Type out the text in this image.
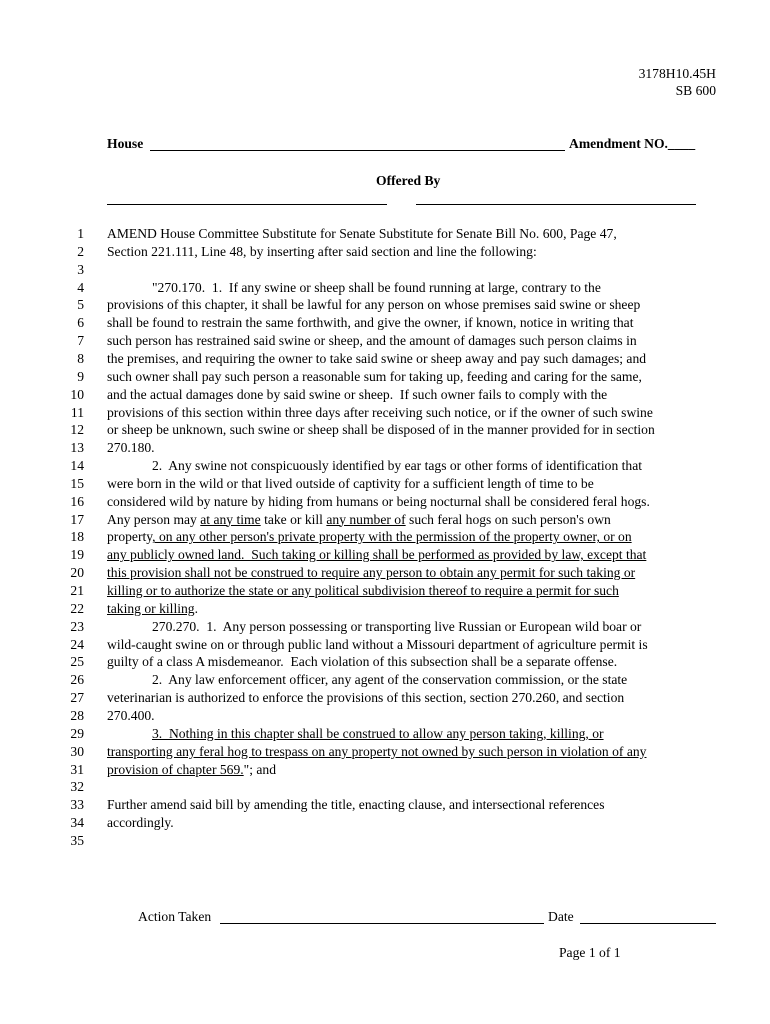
3178H10.45H
SB 600
House	Amendment NO.____
Offered By
1
2
3
4
5
6
7
8
9
10
11
12
13
14
15
16
17
18
19
20
21
22
23
24
25
26
27
28
29
30
31
32
33
34
35
AMEND House Committee Substitute for Senate Substitute for Senate Bill No. 600, Page 47,
Section 221.111, Line 48, by inserting after said section and line the following:
"270.170.  1.  If any swine or sheep shall be found running at large, contrary to the
provisions of this chapter, it shall be lawful for any person on whose premises said swine or sheep
shall be found to restrain the same forthwith, and give the owner, if known, notice in writing that
such person has restrained said swine or sheep, and the amount of damages such person claims in
the premises, and requiring the owner to take said swine or sheep away and pay such damages; and
such owner shall pay such person a reasonable sum for taking up, feeding and caring for the same,
and the actual damages done by said swine or sheep.  If such owner fails to comply with the
provisions of this section within three days after receiving such notice, or if the owner of such swine
or sheep be unknown, such swine or sheep shall be disposed of in the manner provided for in section
270.180.
2.  Any swine not conspicuously identified by ear tags or other forms of identification that
were born in the wild or that lived outside of captivity for a sufficient length of time to be
considered wild by nature by hiding from humans or being nocturnal shall be considered feral hogs.
Any person may at any time take or kill any number of such feral hogs on such person's own
property, on any other person's private property with the permission of the property owner, or on
any publicly owned land.  Such taking or killing shall be performed as provided by law, except that
this provision shall not be construed to require any person to obtain any permit for such taking or
killing or to authorize the state or any political subdivision thereof to require a permit for such
taking or killing.
270.270.  1.  Any person possessing or transporting live Russian or European wild boar or
wild-caught swine on or through public land without a Missouri department of agriculture permit is
guilty of a class A misdemeanor.  Each violation of this subsection shall be a separate offense.
2.  Any law enforcement officer, any agent of the conservation commission, or the state
veterinarian is authorized to enforce the provisions of this section, section 270.260, and section
270.400.
3.  Nothing in this chapter shall be construed to allow any person taking, killing, or
transporting any feral hog to trespass on any property not owned by such person in violation of any
provision of chapter 569."; and
Further amend said bill by amending the title, enacting clause, and intersectional references
accordingly.
Action Taken	Date
Page 1 of 1
